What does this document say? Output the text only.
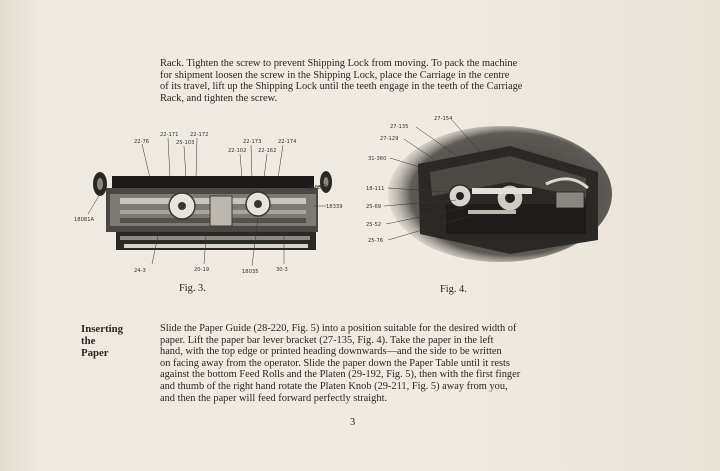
Rack. Tighten the screw to prevent Shipping Lock from moving. To pack the machine
for shipment loosen the screw in the Shipping Lock, place the Carriage in the centre
of its travel, lift up the Shipping Lock until the teeth engage in the teeth of the Carriage
Rack, and tighten the screw.

22-171 22-172
22-76	25-103	22-173	22-174
22-102 22-162
18080A
18081A
18339
24-3	20-19	18035	30-3
Fig. 3.
27-154
27-135
27-129
31-360
18-111
25-69
25-52
25-76
Fig. 4.
Inserting
the
Paper

Slide the Paper Guide (28-220, Fig. 5) into a position suitable for the desired width of
paper. Lift the paper bar lever bracket (27-135, Fig. 4). Take the paper in the left
hand, with the top edge or printed heading downwards—and the side to be written
on facing away from the operator. Slide the paper down the Paper Table until it rests
against the bottom Feed Rolls and the Platen (29-192, Fig. 5), then with the first finger
and thumb of the right hand rotate the Platen Knob (29-211, Fig. 5) away from you,
and then the paper will feed forward perfectly straight.

3
